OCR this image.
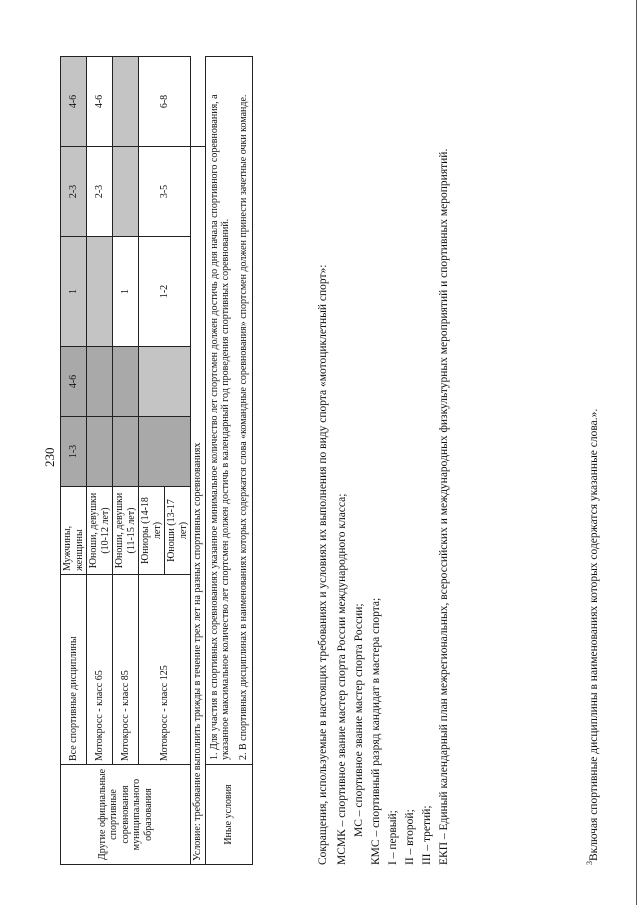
230
Другие официальные спортивные соревнования муниципального образования	Все спортивные дисциплины	Мужчины, женщины	1-3	4-6	1	2-3	4-6
	Мотокросс - класс 65	Юноши, девушки (10-12 лет)				2-3	4-6
	Мотокросс - класс 85	Юноши, девушки (11-15 лет)			1		
	Мотокросс - класс 125	Юниоры (14-18 лет)			1-2	3-5	6-8
		Юноши (13-17 лет)					
Условие: требование выполнить трижды в течение трех лет на разных спортивных соревнованиях							
Иные условия	1. Для участия в спортивных соревнованиях указанное минимальное количество лет спортсмен должен достичь до дня начала спортивного соревнования, а указанное максимальное количество лет спортсмен должен достичь в календарный год проведения спортивных соревнований. 2. В спортивных дисциплинах в наименованиях которых содержатся слова «командные соревнования» спортсмен должен принести зачетные очки команде.							Сокращения, используемые в настоящих требованиях и условиях их выполнения по виду спорта «мотоциклетный спорт»: МСМК – спортивное звание мастер спорта России международного класса; МС – спортивное звание мастер спорта России; КМС – спортивный разряд кандидат в мастера спорта; I – первый; II – второй; III – третий; ЕКП – Единый календарный план межрегиональных, всероссийских и международных физкультурных мероприятий и спортивных мероприятий.	$^3$Включая спортивные дисциплины в наименованиях которых содержатся указанные слова.».
